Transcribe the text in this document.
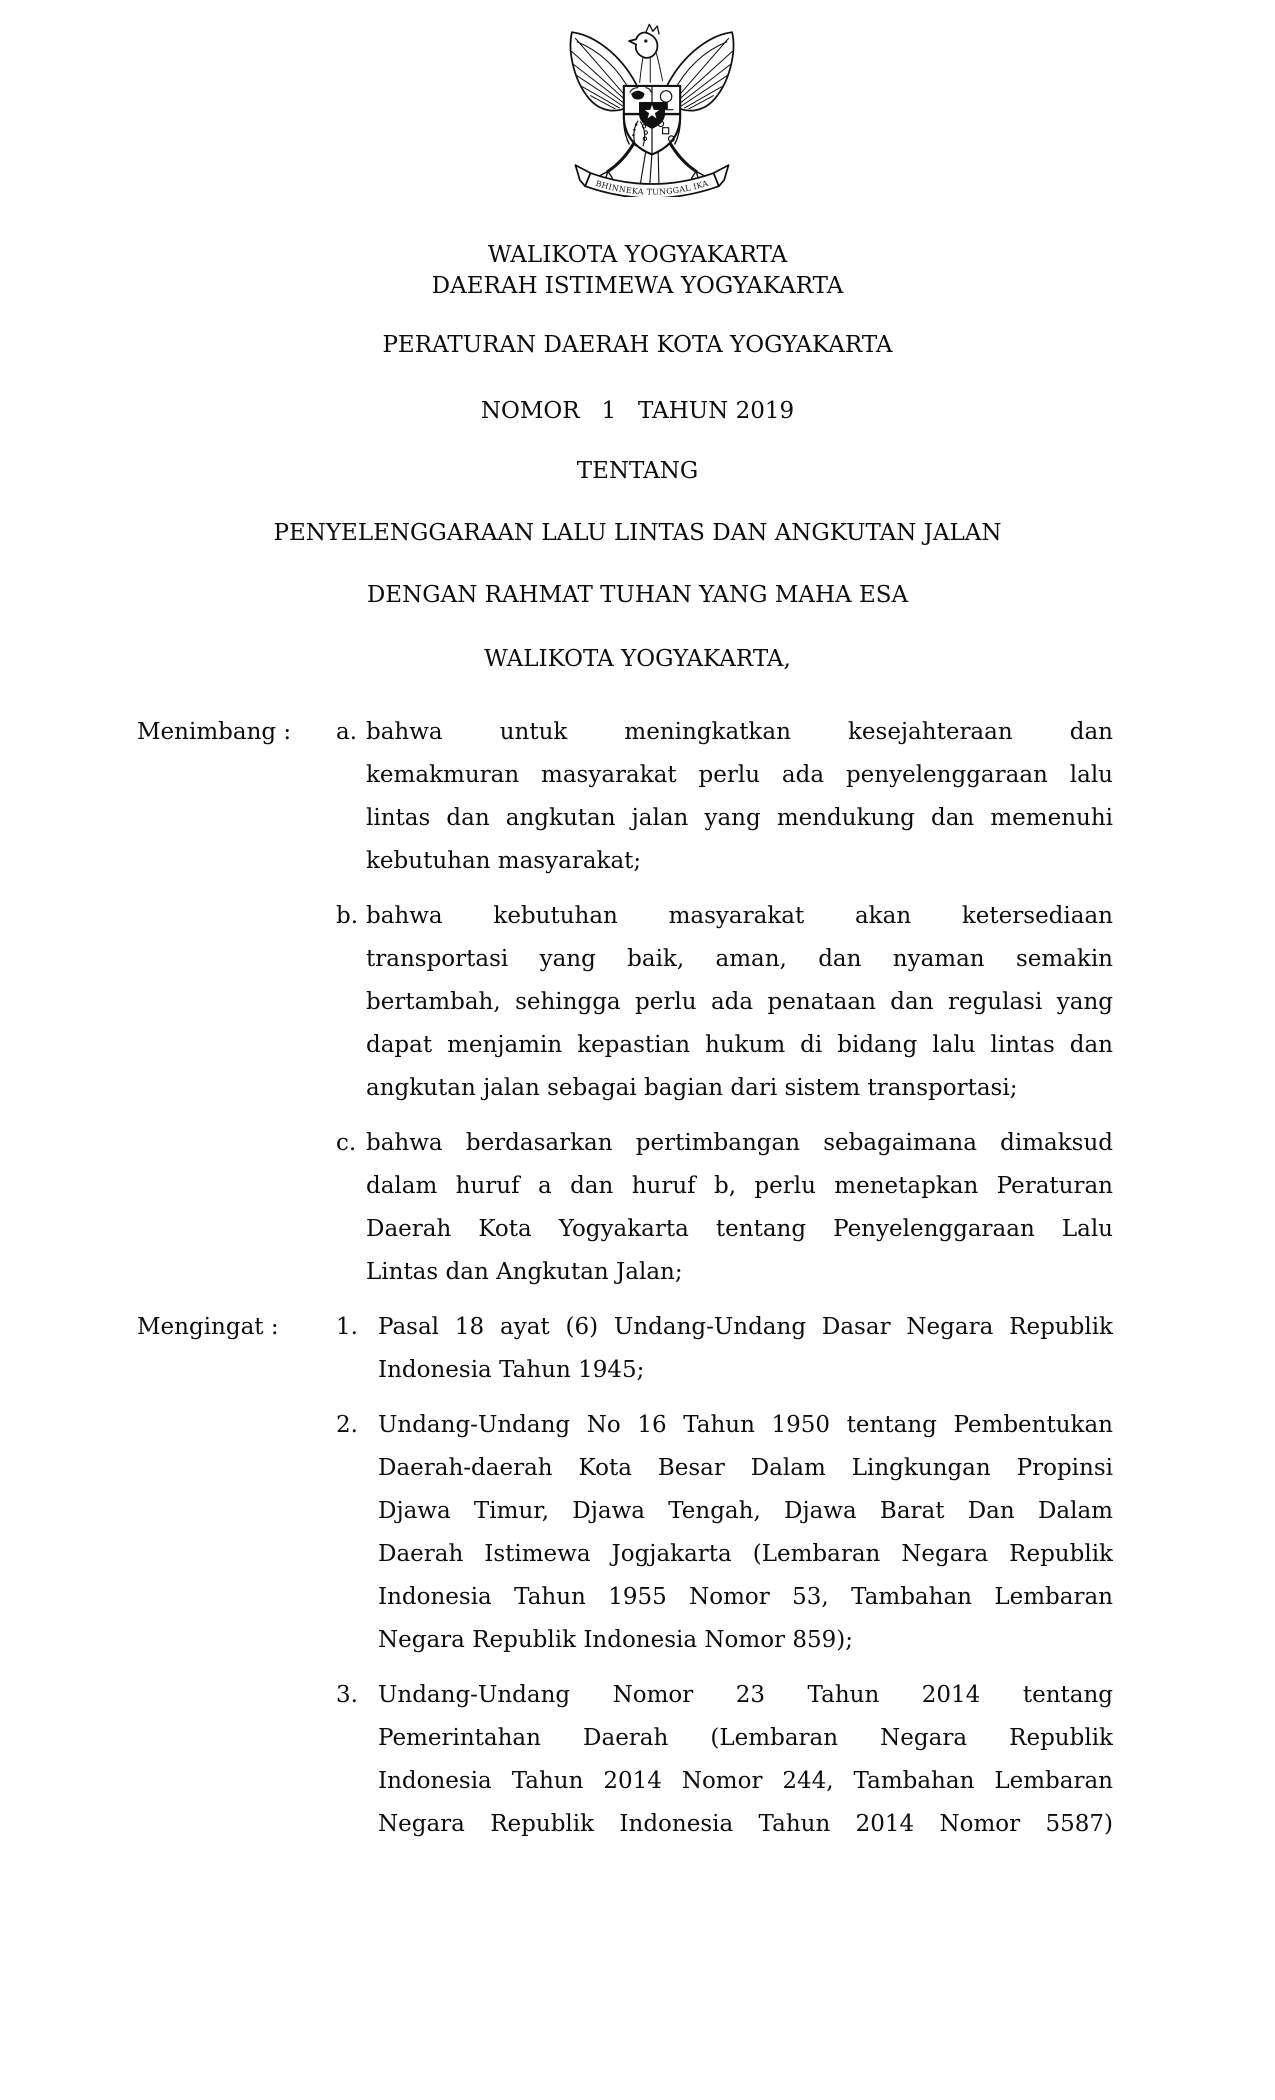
BHINNEKA TUNGGAL IKA
WALIKOTA YOGYAKARTA
DAERAH ISTIMEWA YOGYAKARTA
PERATURAN DAERAH KOTA YOGYAKARTA
NOMOR   1   TAHUN 2019
TENTANG
PENYELENGGARAAN LALU LINTAS DAN ANGKUTAN JALAN
DENGAN RAHMAT TUHAN YANG MAHA ESA
WALIKOTA YOGYAKARTA,
Menimbang :	a. bahwa untuk meningkatkan kesejahteraan dan
kemakmuran masyarakat perlu ada penyelenggaraan lalu
lintas dan angkutan jalan yang mendukung dan memenuhi
kebutuhan masyarakat;
b. bahwa kebutuhan masyarakat akan ketersediaan
transportasi yang baik, aman, dan nyaman semakin
bertambah, sehingga perlu ada penataan dan regulasi yang
dapat menjamin kepastian hukum di bidang lalu lintas dan
angkutan jalan sebagai bagian dari sistem transportasi;
c. bahwa berdasarkan pertimbangan sebagaimana dimaksud
dalam huruf a dan huruf b, perlu menetapkan Peraturan
Daerah Kota Yogyakarta tentang Penyelenggaraan Lalu
Lintas dan Angkutan Jalan;
Mengingat :	1. Pasal 18 ayat (6) Undang-Undang Dasar Negara Republik
Indonesia Tahun 1945;
2. Undang-Undang No 16 Tahun 1950 tentang Pembentukan
Daerah-daerah Kota Besar Dalam Lingkungan Propinsi
Djawa Timur, Djawa Tengah, Djawa Barat Dan Dalam
Daerah Istimewa Jogjakarta (Lembaran Negara Republik
Indonesia Tahun 1955 Nomor 53, Tambahan Lembaran
Negara Republik Indonesia Nomor 859);
3. Undang-Undang Nomor 23 Tahun 2014 tentang
Pemerintahan Daerah (Lembaran Negara Republik
Indonesia Tahun 2014 Nomor 244, Tambahan Lembaran
Negara Republik Indonesia Tahun 2014 Nomor 5587)
